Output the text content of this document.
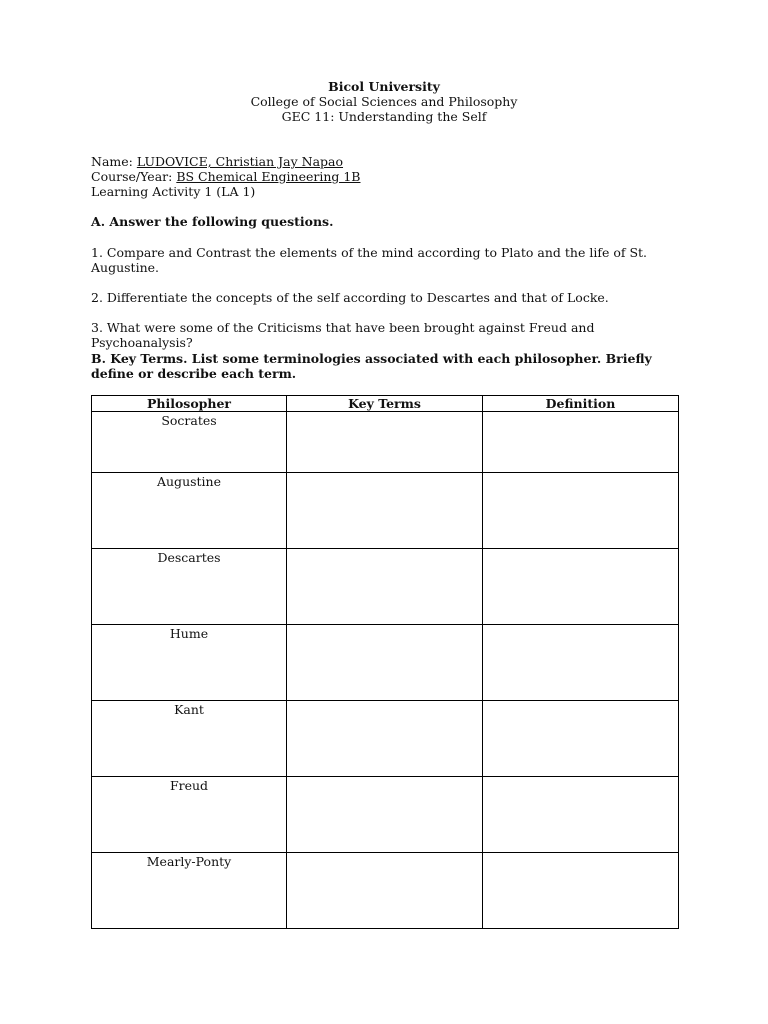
Bicol University
College of Social Sciences and Philosophy
GEC 11: Understanding the Self
Name: LUDOVICE, Christian Jay Napao
Course/Year: BS Chemical Engineering 1B
Learning Activity 1 (LA 1)
A. Answer the following questions.
1. Compare and Contrast the elements of the mind according to Plato and the life of St. Augustine.
2. Differentiate the concepts of the self according to Descartes and that of Locke.
3. What were some of the Criticisms that have been brought against Freud and Psychoanalysis?
B. Key Terms. List some terminologies associated with each philosopher. Briefly define or describe each term.
Philosopher	Key Terms	Definition
Socrates		
Augustine		
Descartes		
Hume		
Kant		
Freud		
Mearly-Ponty		
